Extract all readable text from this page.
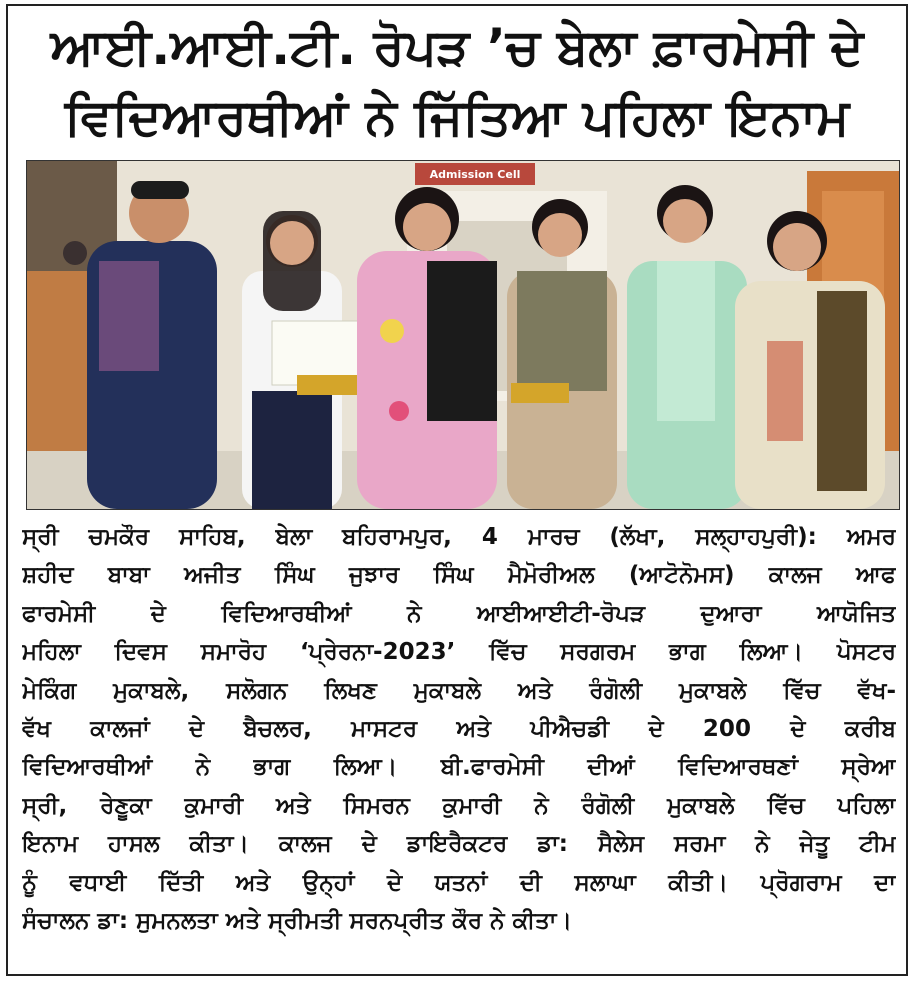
ਆਈ.ਆਈ.ਟੀ. ਰੋਪੜ ’ਚ ਬੇਲਾ ਫ਼ਾਰਮੇਸੀ ਦੇ
ਵਿਦਿਆਰਥੀਆਂ ਨੇ ਜਿੱਤਿਆ ਪਹਿਲਾ ਇਨਾਮ
Admission Cell
ਸ੍ਰੀ ਚਮਕੌਰ ਸਾਹਿਬ, ਬੇਲਾ ਬਹਿਰਾਮਪੁਰ, 4 ਮਾਰਚ (ਲੱਖਾ, ਸਲ੍ਹਾਹਪੁਰੀ): ਅਮਰ
ਸ਼ਹੀਦ ਬਾਬਾ ਅਜੀਤ ਸਿੰਘ ਜੁਝਾਰ ਸਿੰਘ ਮੈਮੋਰੀਅਲ (ਆਟੋਨੋਮਸ) ਕਾਲਜ ਆਫ
ਫਾਰਮੇਸੀ ਦੇ ਵਿਦਿਆਰਥੀਆਂ ਨੇ ਆਈਆਈਟੀ-ਰੋਪੜ ਦੁਆਰਾ ਆਯੋਜਿਤ
ਮਹਿਲਾ ਦਿਵਸ ਸਮਾਰੋਹ ‘ਪ੍ਰੇਰਨਾ-2023’ ਵਿੱਚ ਸਰਗਰਮ ਭਾਗ ਲਿਆ। ਪੋਸਟਰ
ਮੇਕਿੰਗ ਮੁਕਾਬਲੇ, ਸਲੋਗਨ ਲਿਖਣ ਮੁਕਾਬਲੇ ਅਤੇ ਰੰਗੋਲੀ ਮੁਕਾਬਲੇ ਵਿੱਚ ਵੱਖ-
ਵੱਖ ਕਾਲਜਾਂ ਦੇ ਬੈਚਲਰ, ਮਾਸਟਰ ਅਤੇ ਪੀਐਚਡੀ ਦੇ 200 ਦੇ ਕਰੀਬ
ਵਿਦਿਆਰਥੀਆਂ ਨੇ ਭਾਗ ਲਿਆ। ਬੀ.ਫਾਰਮੇਸੀ ਦੀਆਂ ਵਿਦਿਆਰਥਣਾਂ ਸ੍ਰੇਆ
ਸ੍ਰੀ, ਰੇਣੂਕਾ ਕੁਮਾਰੀ ਅਤੇ ਸਿਮਰਨ ਕੁਮਾਰੀ ਨੇ ਰੰਗੋਲੀ ਮੁਕਾਬਲੇ ਵਿੱਚ ਪਹਿਲਾ
ਇਨਾਮ ਹਾਸਲ ਕੀਤਾ। ਕਾਲਜ ਦੇ ਡਾਇਰੈਕਟਰ ਡਾ: ਸੈਲੇਸ ਸਰਮਾ ਨੇ ਜੇਤੂ ਟੀਮ
ਨੂੰ ਵਧਾਈ ਦਿੱਤੀ ਅਤੇ ਉਨ੍ਹਾਂ ਦੇ ਯਤਨਾਂ ਦੀ ਸਲਾਘਾ ਕੀਤੀ। ਪ੍ਰੋਗਰਾਮ ਦਾ
ਸੰਚਾਲਨ ਡਾ: ਸੁਮਨਲਤਾ ਅਤੇ ਸ੍ਰੀਮਤੀ ਸਰਨਪ੍ਰੀਤ ਕੌਰ ਨੇ ਕੀਤਾ।
